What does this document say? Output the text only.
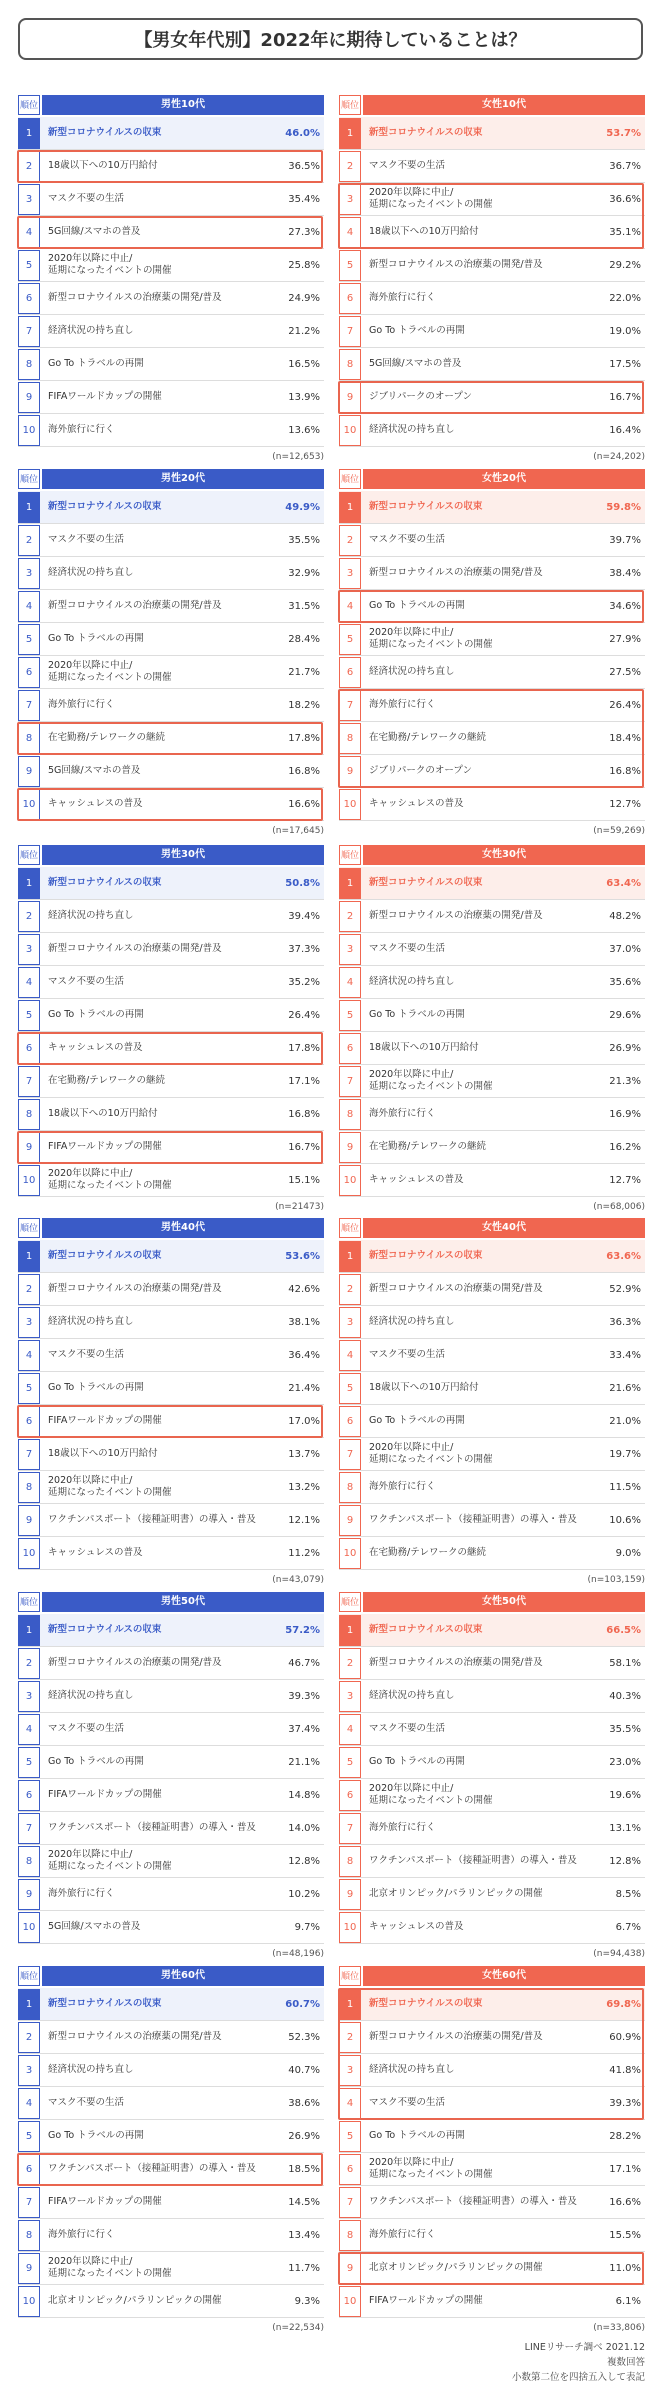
【男女年代別】2022年に期待していることは？
順位	男性10代
1	新型コロナウイルスの収束	46.0%
2	18歳以下への10万円給付	36.5%
3	マスク不要の生活	35.4%
4	5G回線/スマホの普及	27.3%
5
2020年以降に中止/
延期になったイベントの開催	25.8%
6	新型コロナウイルスの治療薬の開発/普及	24.9%
7	経済状況の持ち直し	21.2%
8	Go To トラベルの再開	16.5%
9	FIFAワールドカップの開催	13.9%
10	海外旅行に行く	13.6%
(n=12,653)
順位	女性10代
1	新型コロナウイルスの収束	53.7%
2	マスク不要の生活	36.7%
3
2020年以降に中止/
延期になったイベントの開催	36.6%
4	18歳以下への10万円給付	35.1%
5	新型コロナウイルスの治療薬の開発/普及	29.2%
6	海外旅行に行く	22.0%
7	Go To トラベルの再開	19.0%
8	5G回線/スマホの普及	17.5%
9	ジブリパークのオープン	16.7%
10	経済状況の持ち直し	16.4%
(n=24,202)
順位	男性20代
1	新型コロナウイルスの収束	49.9%
2	マスク不要の生活	35.5%
3	経済状況の持ち直し	32.9%
4	新型コロナウイルスの治療薬の開発/普及	31.5%
5	Go To トラベルの再開	28.4%
6
2020年以降に中止/
延期になったイベントの開催	21.7%
7	海外旅行に行く	18.2%
8	在宅勤務/テレワークの継続	17.8%
9	5G回線/スマホの普及	16.8%
10	キャッシュレスの普及	16.6%
(n=17,645)
順位	女性20代
1	新型コロナウイルスの収束	59.8%
2	マスク不要の生活	39.7%
3	新型コロナウイルスの治療薬の開発/普及	38.4%
4	Go To トラベルの再開	34.6%
5
2020年以降に中止/
延期になったイベントの開催	27.9%
6	経済状況の持ち直し	27.5%
7	海外旅行に行く	26.4%
8	在宅勤務/テレワークの継続	18.4%
9	ジブリパークのオープン	16.8%
10	キャッシュレスの普及	12.7%
(n=59,269)
順位	男性30代
1	新型コロナウイルスの収束	50.8%
2	経済状況の持ち直し	39.4%
3	新型コロナウイルスの治療薬の開発/普及	37.3%
4	マスク不要の生活	35.2%
5	Go To トラベルの再開	26.4%
6	キャッシュレスの普及	17.8%
7	在宅勤務/テレワークの継続	17.1%
8	18歳以下への10万円給付	16.8%
9	FIFAワールドカップの開催	16.7%
10
2020年以降に中止/
延期になったイベントの開催	15.1%
(n=21473)
順位	女性30代
1	新型コロナウイルスの収束	63.4%
2	新型コロナウイルスの治療薬の開発/普及	48.2%
3	マスク不要の生活	37.0%
4	経済状況の持ち直し	35.6%
5	Go To トラベルの再開	29.6%
6	18歳以下への10万円給付	26.9%
7
2020年以降に中止/
延期になったイベントの開催	21.3%
8	海外旅行に行く	16.9%
9	在宅勤務/テレワークの継続	16.2%
10	キャッシュレスの普及	12.7%
(n=68,006)
順位	男性40代
1	新型コロナウイルスの収束	53.6%
2	新型コロナウイルスの治療薬の開発/普及	42.6%
3	経済状況の持ち直し	38.1%
4	マスク不要の生活	36.4%
5	Go To トラベルの再開	21.4%
6	FIFAワールドカップの開催	17.0%
7	18歳以下への10万円給付	13.7%
8
2020年以降に中止/
延期になったイベントの開催	13.2%
9	ワクチンパスポート（接種証明書）の導入・普及	12.1%
10	キャッシュレスの普及	11.2%
(n=43,079)
順位	女性40代
1	新型コロナウイルスの収束	63.6%
2	新型コロナウイルスの治療薬の開発/普及	52.9%
3	経済状況の持ち直し	36.3%
4	マスク不要の生活	33.4%
5	18歳以下への10万円給付	21.6%
6	Go To トラベルの再開	21.0%
7
2020年以降に中止/
延期になったイベントの開催	19.7%
8	海外旅行に行く	11.5%
9	ワクチンパスポート（接種証明書）の導入・普及	10.6%
10	在宅勤務/テレワークの継続	9.0%
(n=103,159)
順位	男性50代
1	新型コロナウイルスの収束	57.2%
2	新型コロナウイルスの治療薬の開発/普及	46.7%
3	経済状況の持ち直し	39.3%
4	マスク不要の生活	37.4%
5	Go To トラベルの再開	21.1%
6	FIFAワールドカップの開催	14.8%
7	ワクチンパスポート（接種証明書）の導入・普及	14.0%
8
2020年以降に中止/
延期になったイベントの開催	12.8%
9	海外旅行に行く	10.2%
10	5G回線/スマホの普及	9.7%
(n=48,196)
順位	女性50代
1	新型コロナウイルスの収束	66.5%
2	新型コロナウイルスの治療薬の開発/普及	58.1%
3	経済状況の持ち直し	40.3%
4	マスク不要の生活	35.5%
5	Go To トラベルの再開	23.0%
6
2020年以降に中止/
延期になったイベントの開催	19.6%
7	海外旅行に行く	13.1%
8	ワクチンパスポート（接種証明書）の導入・普及	12.8%
9	北京オリンピック/パラリンピックの開催	8.5%
10	キャッシュレスの普及	6.7%
(n=94,438)
順位	男性60代
1	新型コロナウイルスの収束	60.7%
2	新型コロナウイルスの治療薬の開発/普及	52.3%
3	経済状況の持ち直し	40.7%
4	マスク不要の生活	38.6%
5	Go To トラベルの再開	26.9%
6	ワクチンパスポート（接種証明書）の導入・普及	18.5%
7	FIFAワールドカップの開催	14.5%
8	海外旅行に行く	13.4%
9
2020年以降に中止/
延期になったイベントの開催	11.7%
10	北京オリンピック/パラリンピックの開催	9.3%
(n=22,534)
順位	女性60代
1	新型コロナウイルスの収束	69.8%
2	新型コロナウイルスの治療薬の開発/普及	60.9%
3	経済状況の持ち直し	41.8%
4	マスク不要の生活	39.3%
5	Go To トラベルの再開	28.2%
6
2020年以降に中止/
延期になったイベントの開催	17.1%
7	ワクチンパスポート（接種証明書）の導入・普及	16.6%
8	海外旅行に行く	15.5%
9	北京オリンピック/パラリンピックの開催	11.0%
10	FIFAワールドカップの開催	6.1%
(n=33,806)
LINEリサーチ調べ 2021.12
複数回答
小数第二位を四捨五入して表記
